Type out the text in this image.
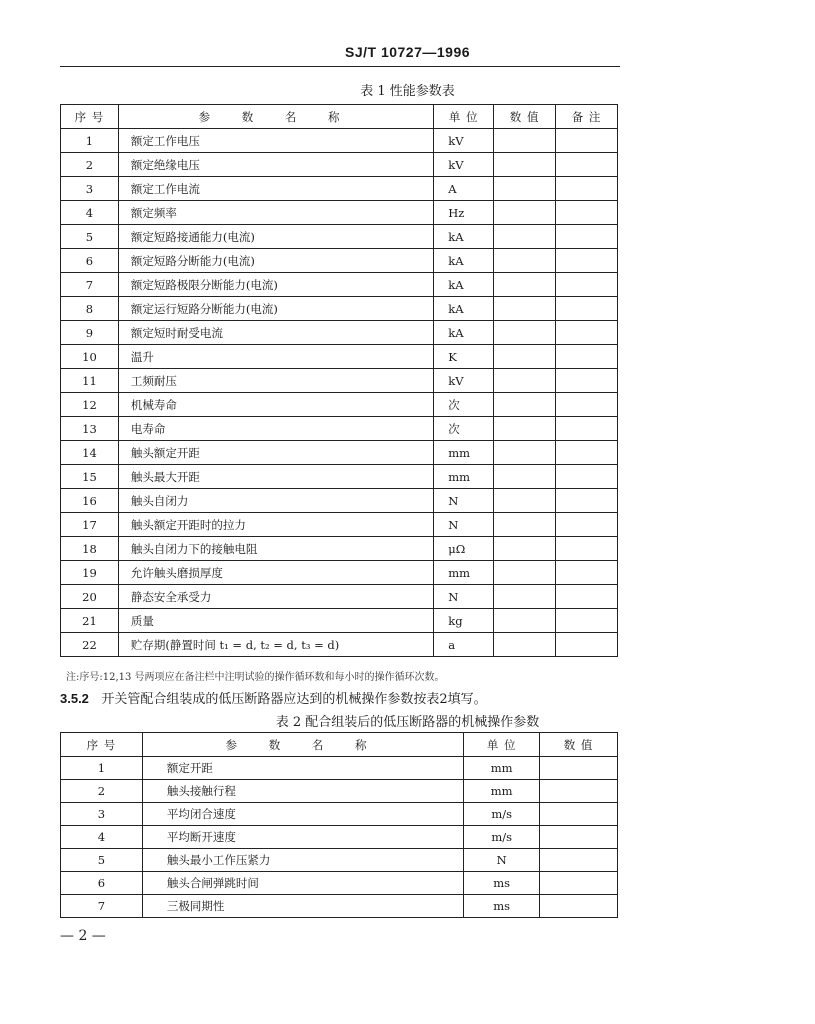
SJ/T 10727—1996
表 1 性能参数表
序 号	参 数 名 称	单 位	数 值	备 注
1	额定工作电压	kV		
2	额定绝缘电压	kV		
3	额定工作电流	A		
4	额定频率	Hz		
5	额定短路接通能力(电流)	kA		
6	额定短路分断能力(电流)	kA		
7	额定短路极限分断能力(电流)	kA		
8	额定运行短路分断能力(电流)	kA		
9	额定短时耐受电流	kA		
10	温升	K		
11	工频耐压	kV		
12	机械寿命	次		
13	电寿命	次		
14	触头额定开距	mm		
15	触头最大开距	mm		
16	触头自闭力	N		
17	触头额定开距时的拉力	N		
18	触头自闭力下的接触电阻	μΩ		
19	允许触头磨损厚度	mm		
20	静态安全承受力	N		
21	质量	kg		
22	贮存期(静置时间 t₁ = d, t₂ = d, t₃ = d)	a		
注:序号:12,13 号两项应在备注栏中注明试验的操作循环数和每小时的操作循环次数。
3.5.2 开关管配合组装成的低压断路器应达到的机械操作参数按表2填写。
表 2 配合组装后的低压断路器的机械操作参数
序 号	参 数 名 称	单 位	数 值
1	额定开距	mm	
2	触头接触行程	mm	
3	平均闭合速度	m/s	
4	平均断开速度	m/s	
5	触头最小工作压紧力	N	
6	触头合闸弹跳时间	ms	
7	三极同期性	ms	
— 2 —
